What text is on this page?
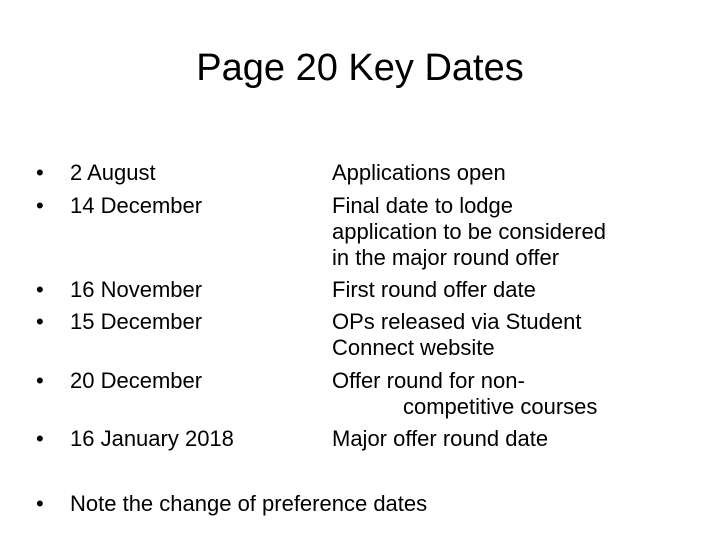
Page 20 Key Dates
• 2 August
• 14 December
• 16 November
• 15 December
• 20 December
• 16 January 2018
Applications open
Final date to lodge
application to be considered
in the major round offer
First round offer date
OPs released via Student
Connect website
Offer round for non-
competitive courses
Major offer round date
• Note the change of preference dates
